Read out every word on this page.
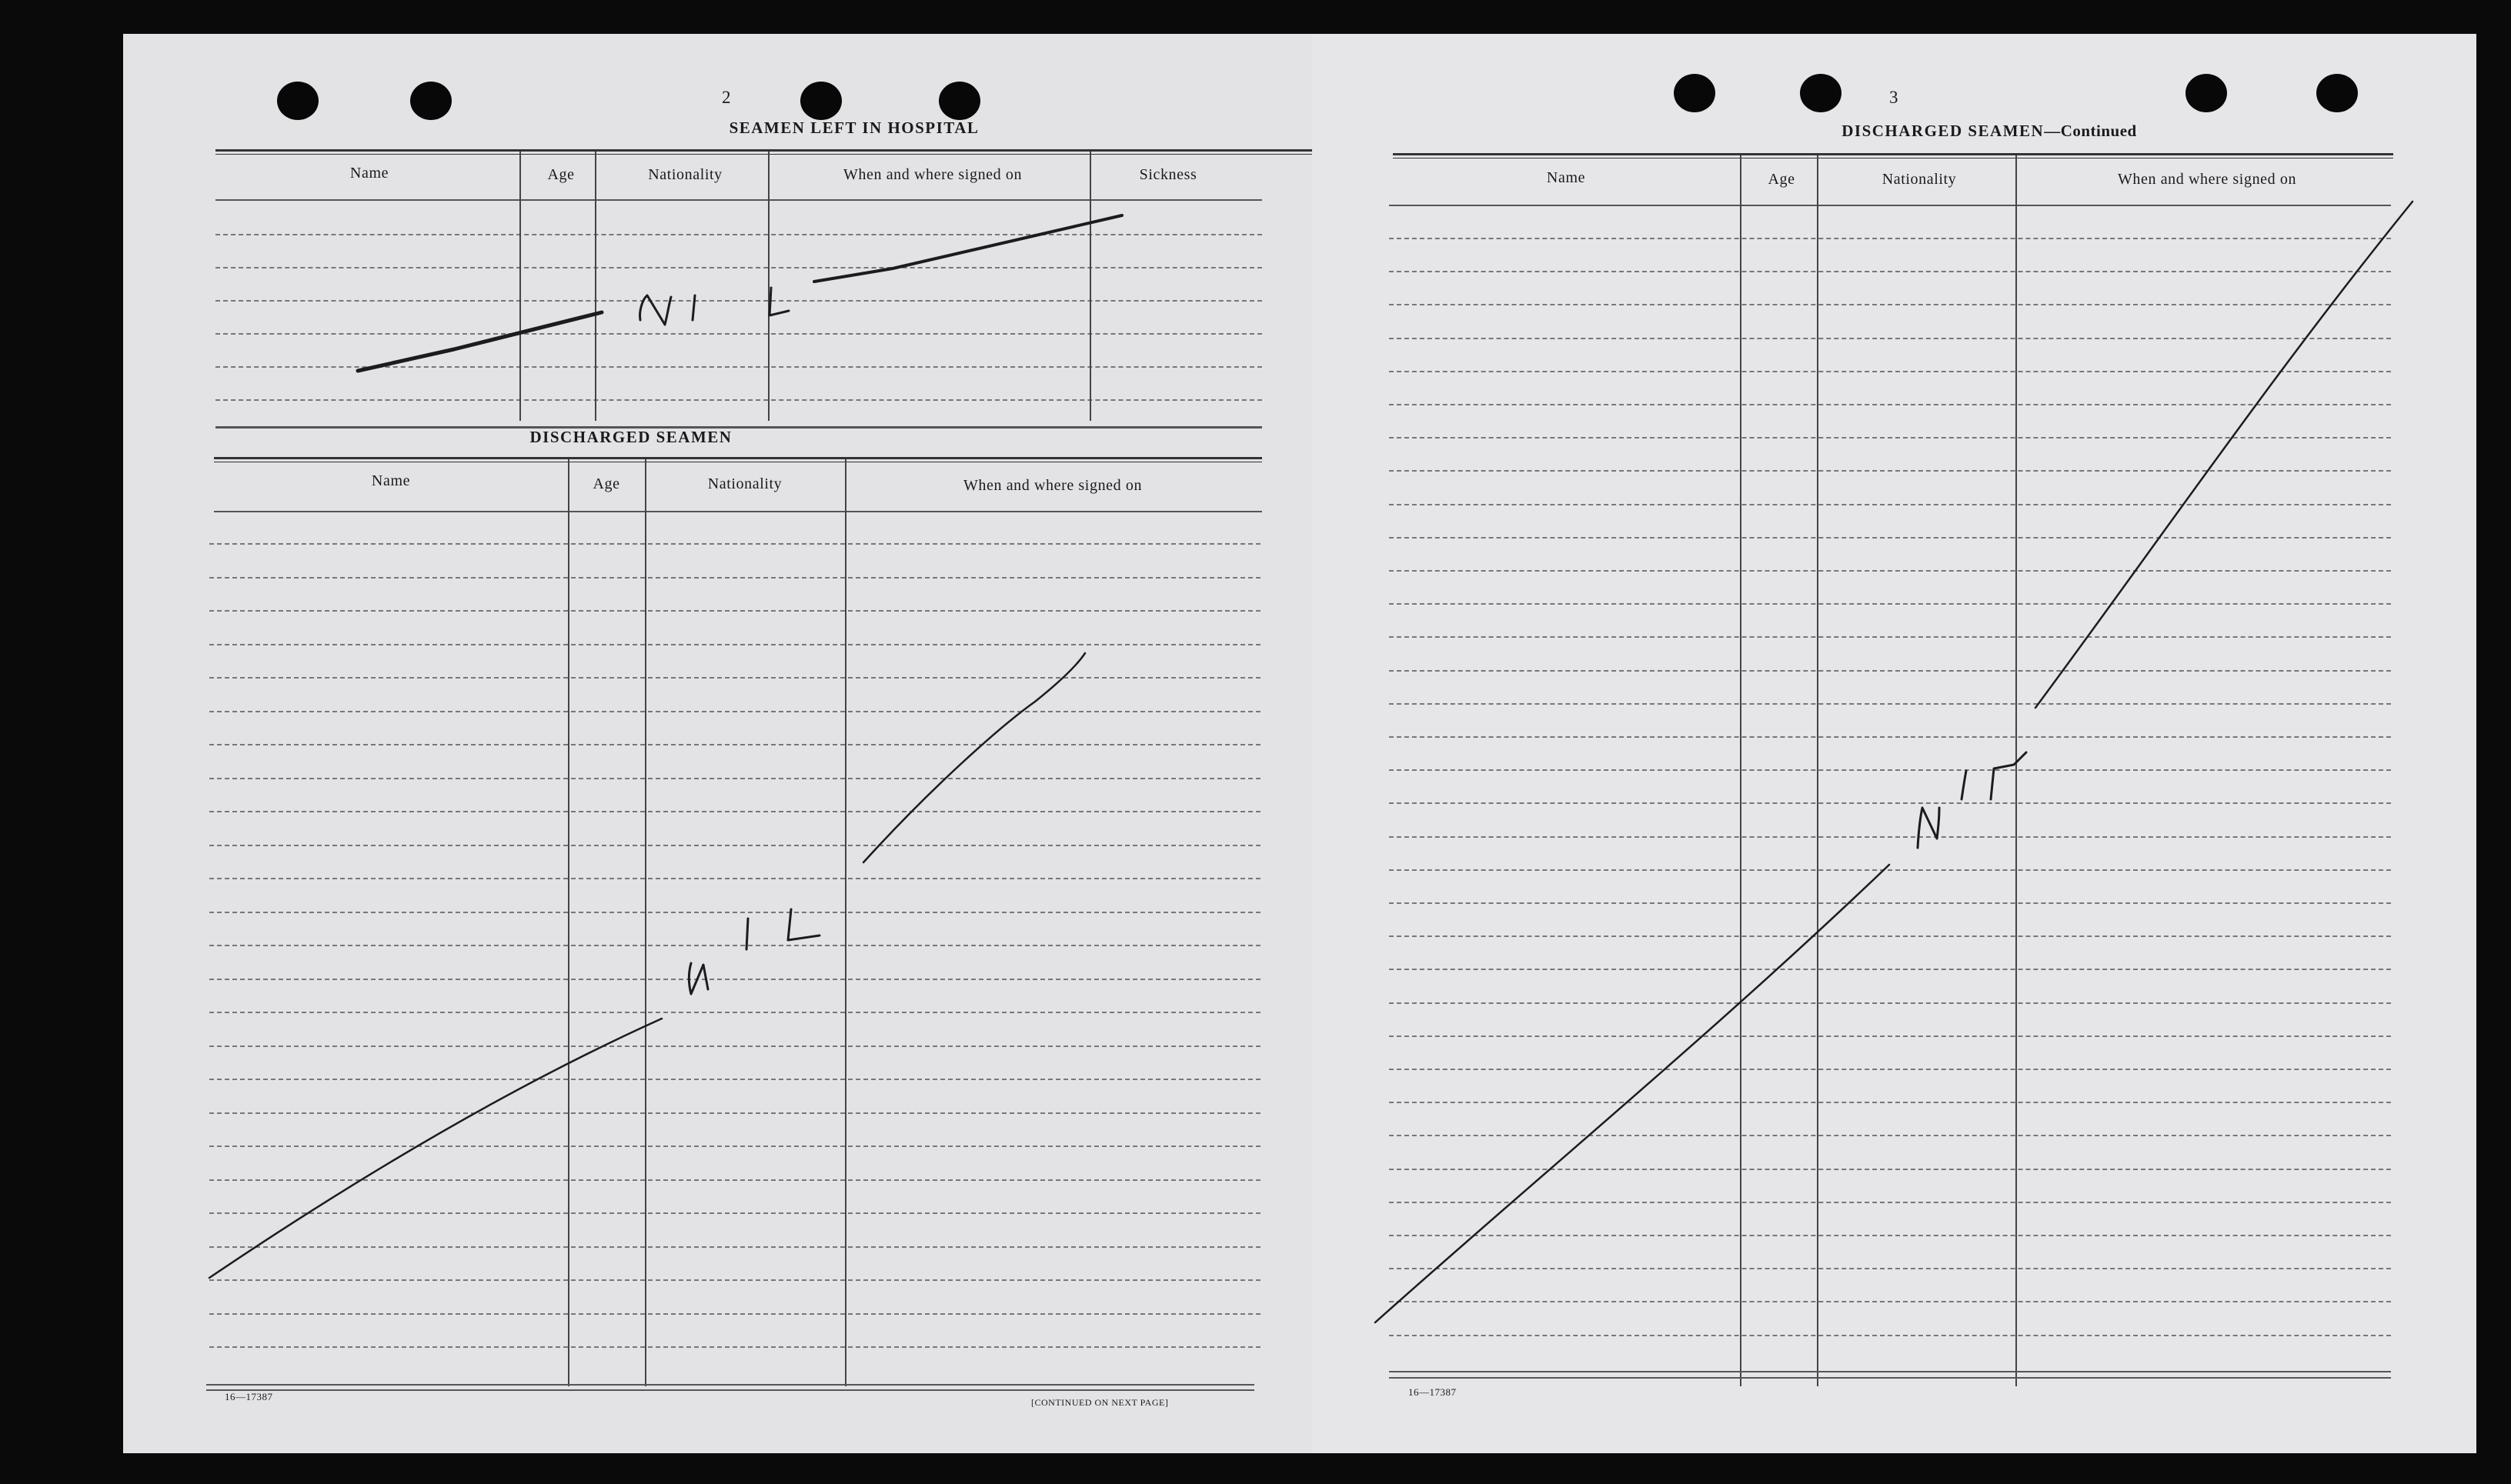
2
SEAMEN LEFT IN HOSPITAL
Name	Age	Nationality	When and where signed on	Sickness
DISCHARGED SEAMEN
Name	Age	Nationality	When and where signed on
16—17387	[CONTINUED ON NEXT PAGE]
3
DISCHARGED SEAMEN—Continued
Name	Age	Nationality	When and where signed on
16—17387
